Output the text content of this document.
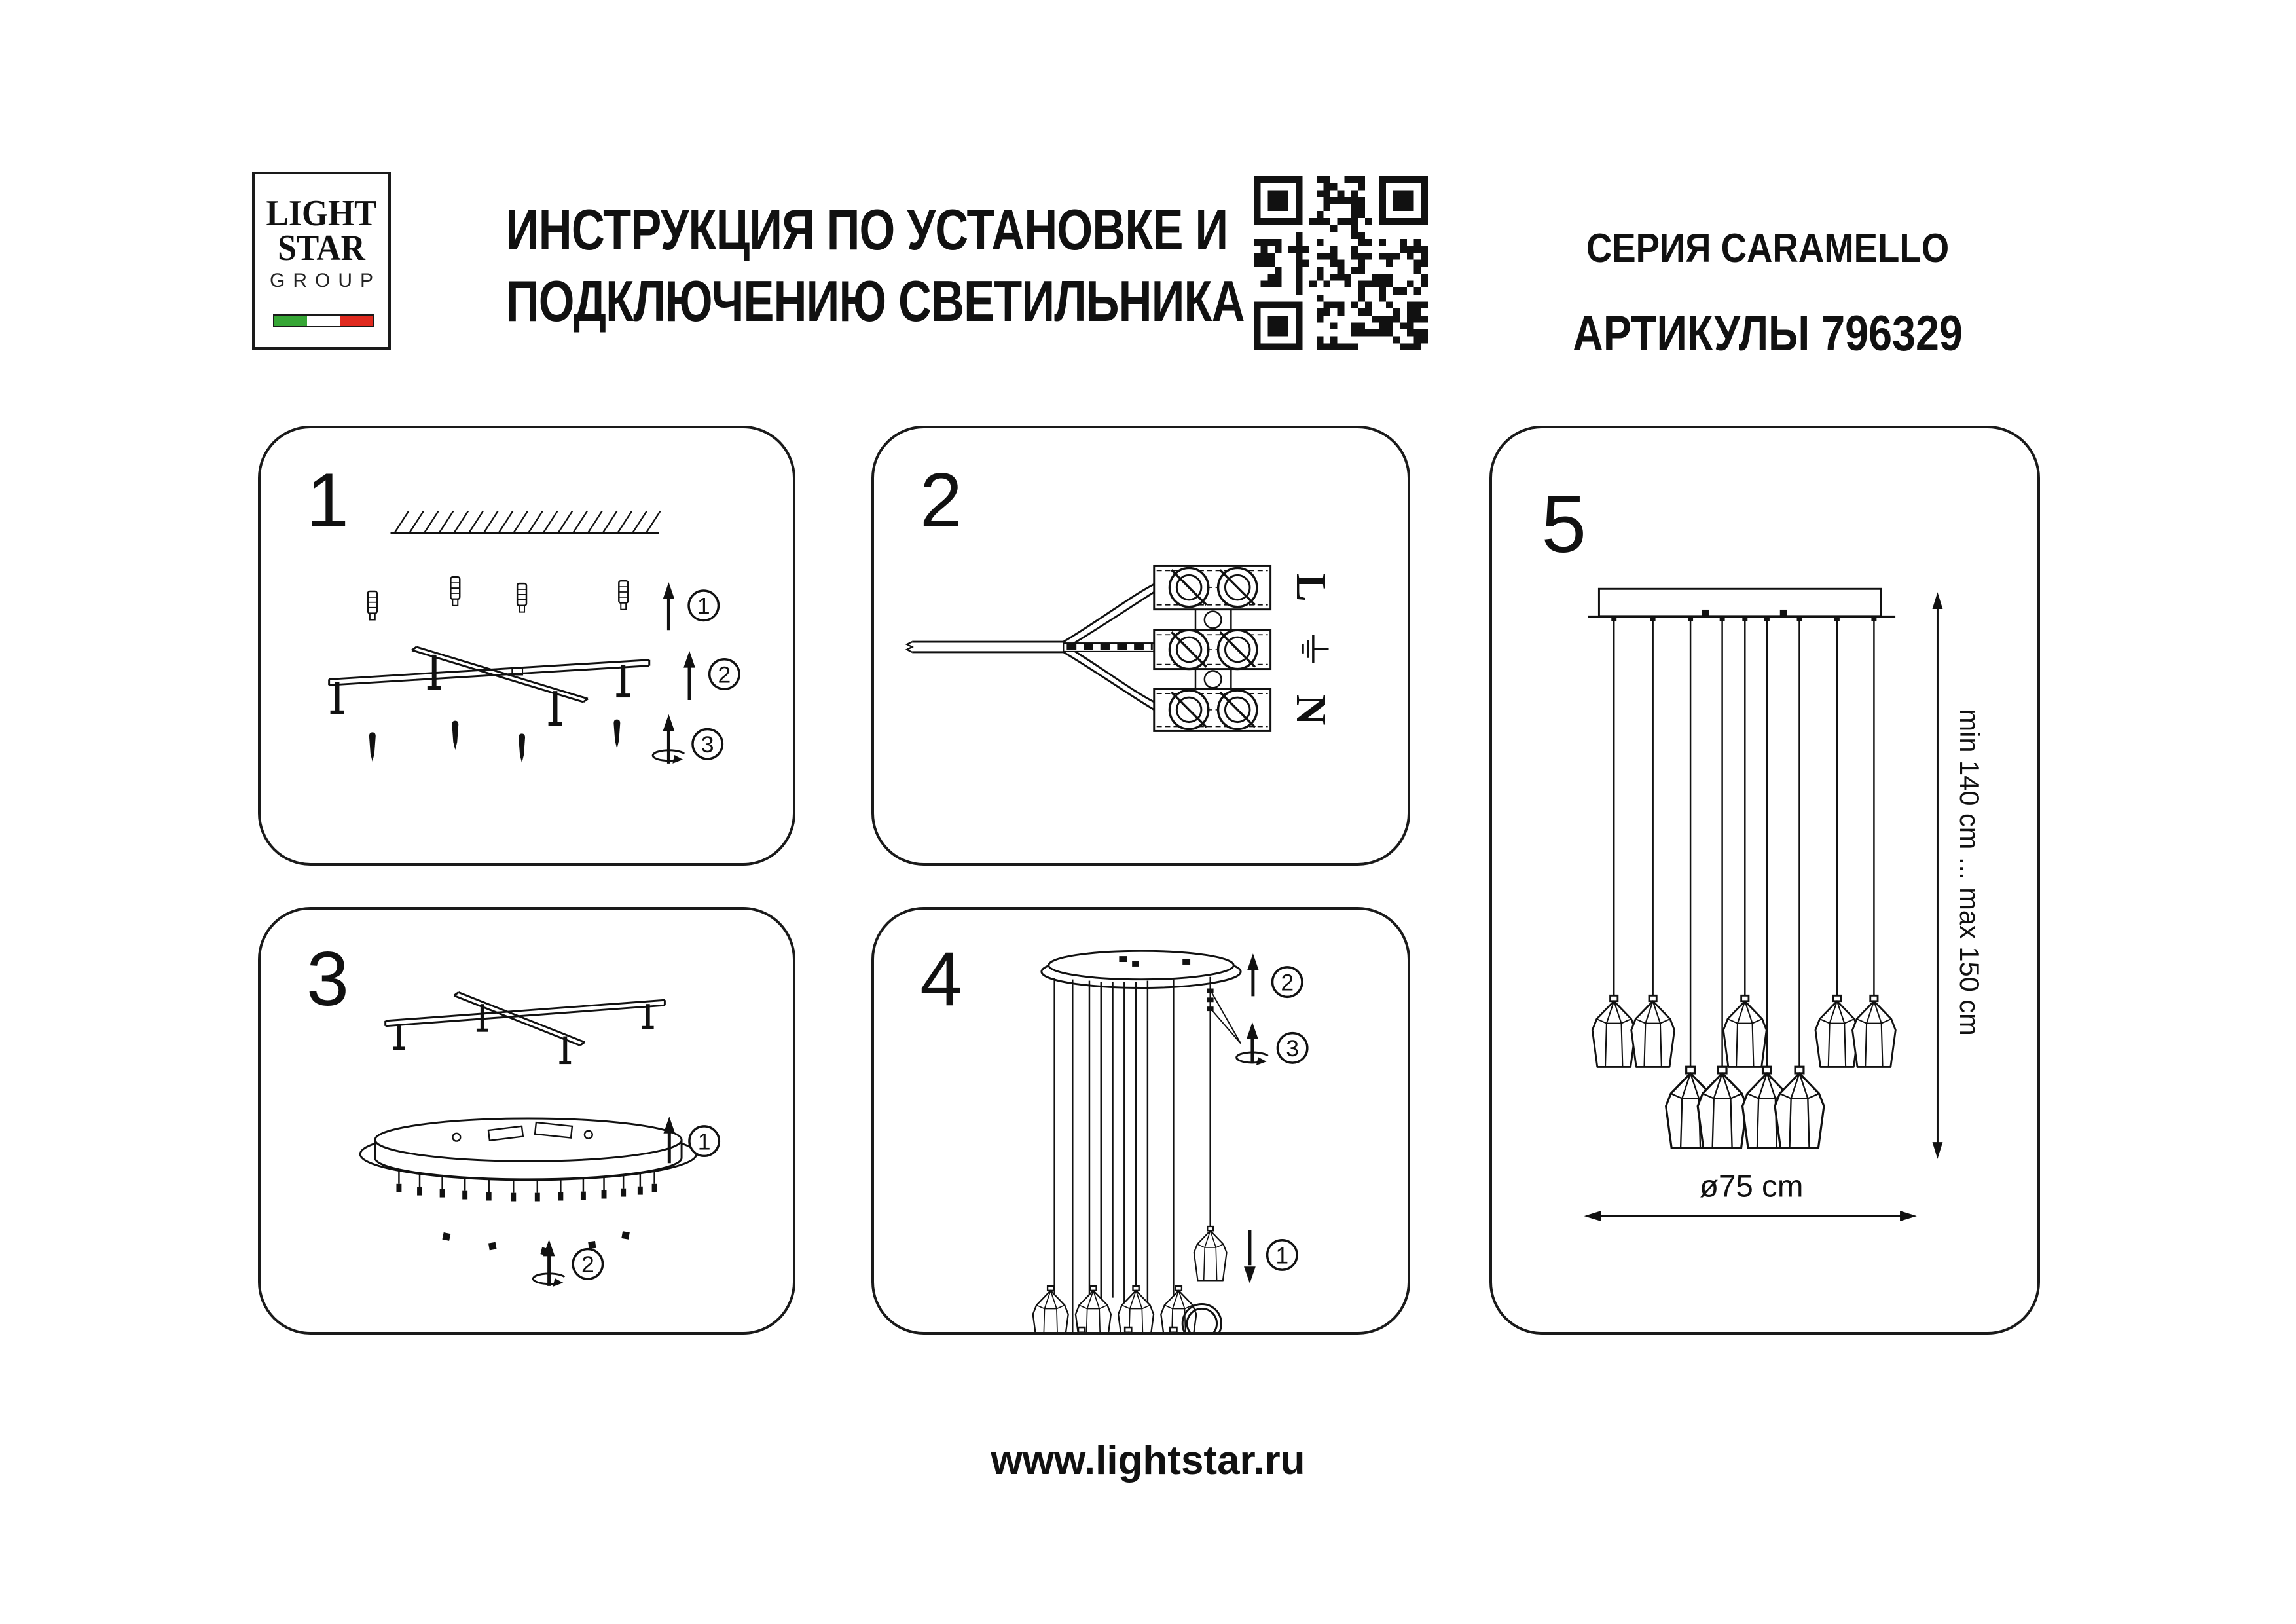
LIGHT
STAR
GROUP
ИНСТРУКЦИЯ ПО УСТАНОВКЕ И
ПОДКЛЮЧЕНИЮ СВЕТИЛЬНИКА
СЕРИЯ CARAMELLO
АРТИКУЛЫ 796329
1
1
2
3
2
L
N
3
1
2
4
1
2
3
5
min 140 cm ... max 150 cm
ø75 cm
www.lightstar.ru
